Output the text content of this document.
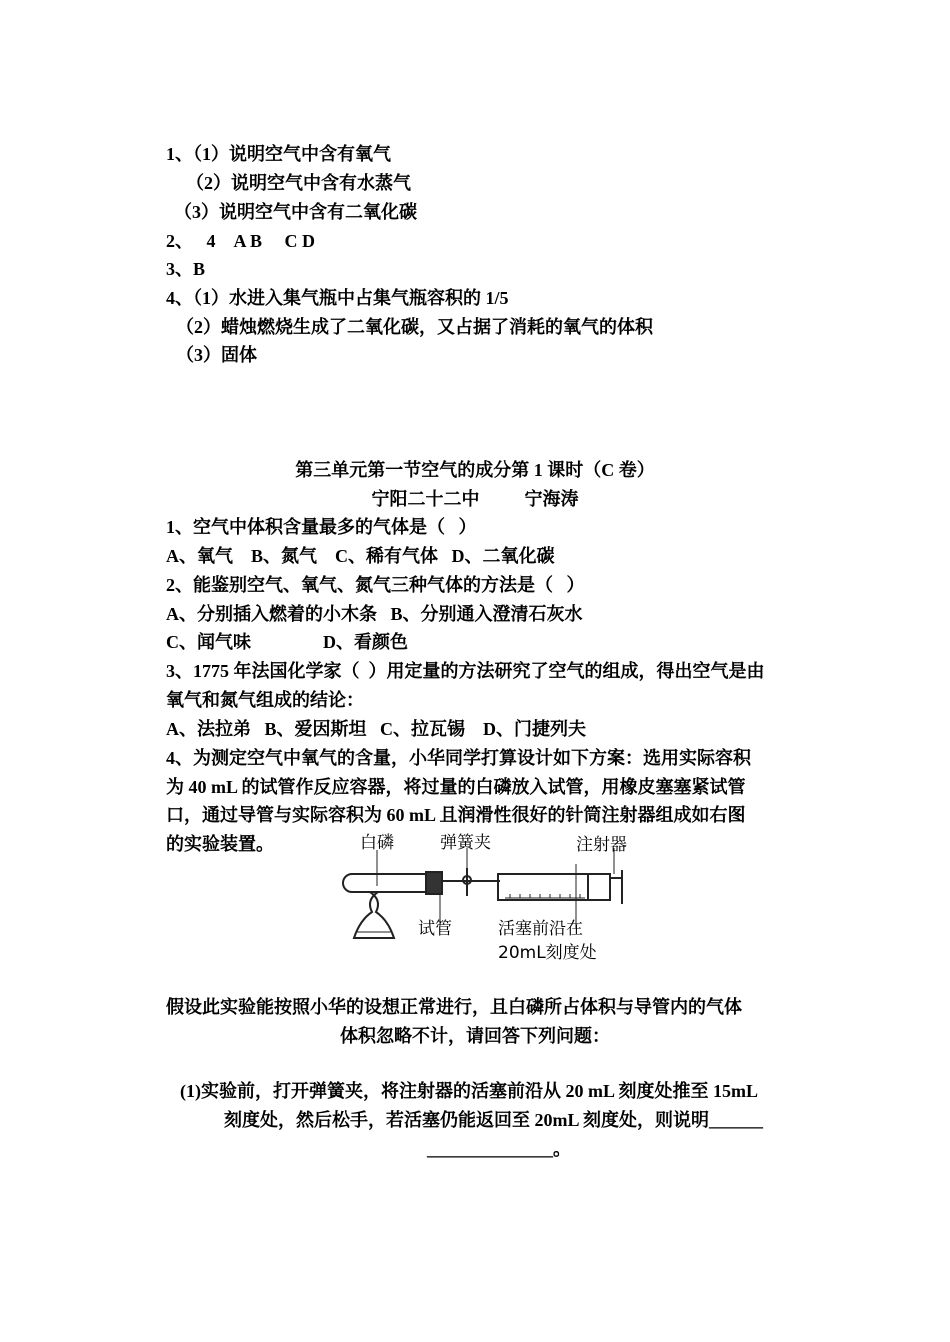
1、（1）说明空气中含有氧气
（2）说明空气中含有水蒸气
（3）说明空气中含有二氧化碳
2、   4    A B     C D
3、B
4、（1）水进入集气瓶中占集气瓶容积的 1/5
（2）蜡烛燃烧生成了二氧化碳，又占据了消耗的氧气的体积
（3）固体
第三单元第一节空气的成分第 1 课时（C 卷）
宁阳二十二中          宁海涛
1、空气中体积含量最多的气体是（   ）
A、氧气    B、氮气    C、稀有气体   D、二氧化碳
2、能鉴别空气、氧气、氮气三种气体的方法是（   ）
A、分别插入燃着的小木条   B、分别通入澄清石灰水
C、闻气味                D、看颜色
3、1775 年法国化学家（  ）用定量的方法研究了空气的组成，得出空气是由
氧气和氮气组成的结论：
A、法拉弟   B、爱因斯坦   C、拉瓦锡    D、门捷列夫
4、为测定空气中氧气的含量，小华同学打算设计如下方案：选用实际容积
为 40 mL 的试管作反应容器，将过量的白磷放入试管，用橡皮塞塞紧试管
口，通过导管与实际容积为 60 mL 且润滑性很好的针筒注射器组成如右图
的实验装置。	白磷	弹簧夹	注射器
试管	活塞前沿在
20mL刻度处
假设此实验能按照小华的设想正常进行，且白磷所占体积与导管内的气体
体积忽略不计，请回答下列问题：
(1)实验前，打开弹簧夹，将注射器的活塞前沿从 20 mL 刻度处推至 15mL
刻度处，然后松手，若活塞仍能返回至 20mL 刻度处，则说明______
______________。
